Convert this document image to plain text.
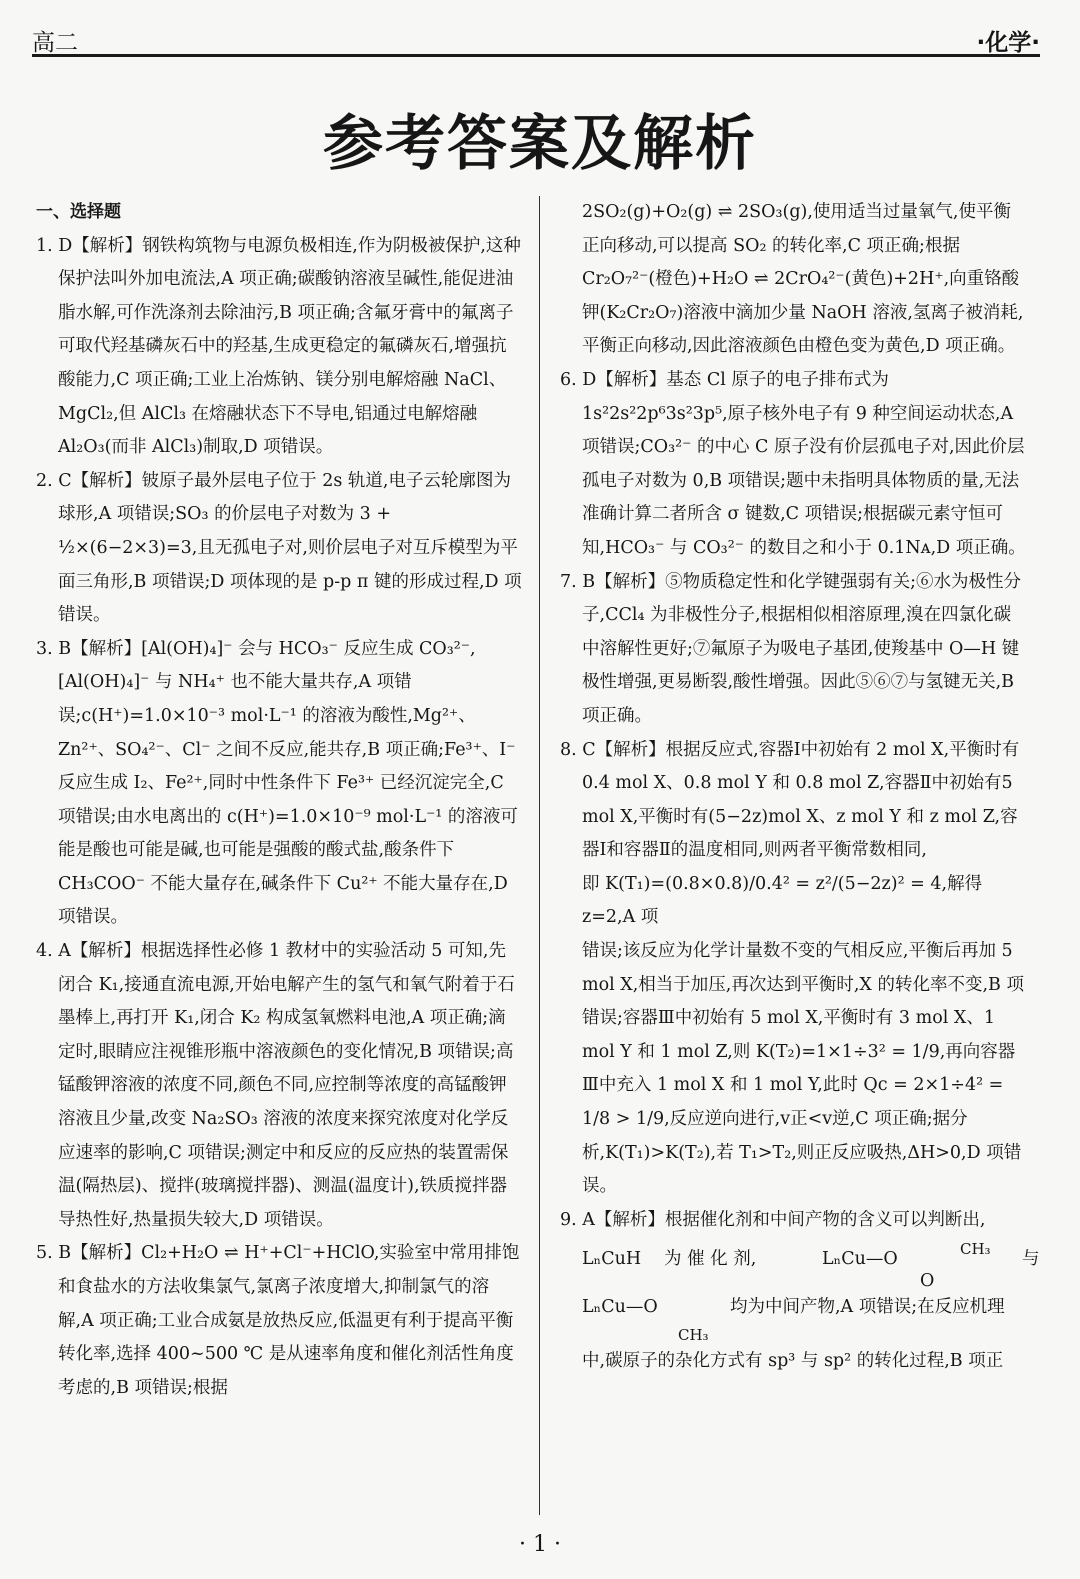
高二	·化学·
参考答案及解析
一、选择题

1. D【解析】钢铁构筑物与电源负极相连,作为阴极被保护,这种保护法叫外加电流法,A 项正确;碳酸钠溶液呈碱性,能促进油脂水解,可作洗涤剂去除油污,B 项正确;含氟牙膏中的氟离子可取代羟基磷灰石中的羟基,生成更稳定的氟磷灰石,增强抗酸能力,C 项正确;工业上冶炼钠、镁分别电解熔融 NaCl、MgCl₂,但 AlCl₃ 在熔融状态下不导电,铝通过电解熔融 Al₂O₃(而非 AlCl₃)制取,D 项错误。

2. C【解析】铍原子最外层电子位于 2s 轨道,电子云轮廓图为球形,A 项错误;SO₃ 的价层电子对数为 3 + ½×(6−2×3)=3,且无孤电子对,则价层电子对互斥模型为平面三角形,B 项错误;D 项体现的是 p-p π 键的形成过程,D 项错误。

3. B【解析】[Al(OH)₄]⁻ 会与 HCO₃⁻ 反应生成 CO₃²⁻,[Al(OH)₄]⁻ 与 NH₄⁺ 也不能大量共存,A 项错误;c(H⁺)=1.0×10⁻³ mol·L⁻¹ 的溶液为酸性,Mg²⁺、Zn²⁺、SO₄²⁻、Cl⁻ 之间不反应,能共存,B 项正确;Fe³⁺、I⁻ 反应生成 I₂、Fe²⁺,同时中性条件下 Fe³⁺ 已经沉淀完全,C 项错误;由水电离出的 c(H⁺)=1.0×10⁻⁹ mol·L⁻¹ 的溶液可能是酸也可能是碱,也可能是强酸的酸式盐,酸条件下 CH₃COO⁻ 不能大量存在,碱条件下 Cu²⁺ 不能大量存在,D 项错误。

4. A【解析】根据选择性必修 1 教材中的实验活动 5 可知,先闭合 K₁,接通直流电源,开始电解产生的氢气和氧气附着于石墨棒上,再打开 K₁,闭合 K₂ 构成氢氧燃料电池,A 项正确;滴定时,眼睛应注视锥形瓶中溶液颜色的变化情况,B 项错误;高锰酸钾溶液的浓度不同,颜色不同,应控制等浓度的高锰酸钾溶液且少量,改变 Na₂SO₃ 溶液的浓度来探究浓度对化学反应速率的影响,C 项错误;测定中和反应的反应热的装置需保温(隔热层)、搅拌(玻璃搅拌器)、测温(温度计),铁质搅拌器导热性好,热量损失较大,D 项错误。

5. B【解析】Cl₂+H₂O ⇌ H⁺+Cl⁻+HClO,实验室中常用排饱和食盐水的方法收集氯气,氯离子浓度增大,抑制氯气的溶解,A 项正确;工业合成氨是放热反应,低温更有利于提高平衡转化率,选择 400~500 ℃ 是从速率角度和催化剂活性角度考虑的,B 项错误;根据

2SO₂(g)+O₂(g) ⇌ 2SO₃(g),使用适当过量氧气,使平衡正向移动,可以提高 SO₂ 的转化率,C 项正确;根据 Cr₂O₇²⁻(橙色)+H₂O ⇌ 2CrO₄²⁻(黄色)+2H⁺,向重铬酸钾(K₂Cr₂O₇)溶液中滴加少量 NaOH 溶液,氢离子被消耗,平衡正向移动,因此溶液颜色由橙色变为黄色,D 项正确。

6. D【解析】基态 Cl 原子的电子排布式为 1s²2s²2p⁶3s²3p⁵,原子核外电子有 9 种空间运动状态,A 项错误;CO₃²⁻ 的中心 C 原子没有价层孤电子对,因此价层孤电子对数为 0,B 项错误;题中未指明具体物质的量,无法准确计算二者所含 σ 键数,C 项错误;根据碳元素守恒可知,HCO₃⁻ 与 CO₃²⁻ 的数目之和小于 0.1Nᴀ,D 项正确。

7. B【解析】⑤物质稳定性和化学键强弱有关;⑥水为极性分子,CCl₄ 为非极性分子,根据相似相溶原理,溴在四氯化碳中溶解性更好;⑦氟原子为吸电子基团,使羧基中 O—H 键极性增强,更易断裂,酸性增强。因此⑤⑥⑦与氢键无关,B 项正确。

8. C【解析】根据反应式,容器Ⅰ中初始有 2 mol X,平衡时有 0.4 mol X、0.8 mol Y 和 0.8 mol Z,容器Ⅱ中初始有5 mol X,平衡时有(5−2z)mol X、z mol Y 和 z mol Z,容器Ⅰ和容器Ⅱ的温度相同,则两者平衡常数相同,

即 K(T₁)=(0.8×0.8)/0.4² = z²/(5−2z)² = 4,解得 z=2,A 项

错误;该反应为化学计量数不变的气相反应,平衡后再加 5 mol X,相当于加压,再次达到平衡时,X 的转化率不变,B 项错误;容器Ⅲ中初始有 5 mol X,平衡时有 3 mol X、1 mol Y 和 1 mol Z,则 K(T₂)=1×1÷3² = 1/9,再向容器Ⅲ中充入 1 mol X 和 1 mol Y,此时 Qc = 2×1÷4² = 1/8 > 1/9,反应逆向进行,v正<v逆,C 项正确;据分析,K(T₁)>K(T₂),若 T₁>T₂,则正反应吸热,ΔH>0,D 项错误。

9. A【解析】根据催化剂和中间产物的含义可以判断出,

LₙCuH 为 催 化 剂,	LₙCu—O
O
CH₃ 与
LₙCu—O
CH₃
均为中间产物,A 项错误;在反应机理

中,碳原子的杂化方式有 sp³ 与 sp² 的转化过程,B 项正

· 1 ·
